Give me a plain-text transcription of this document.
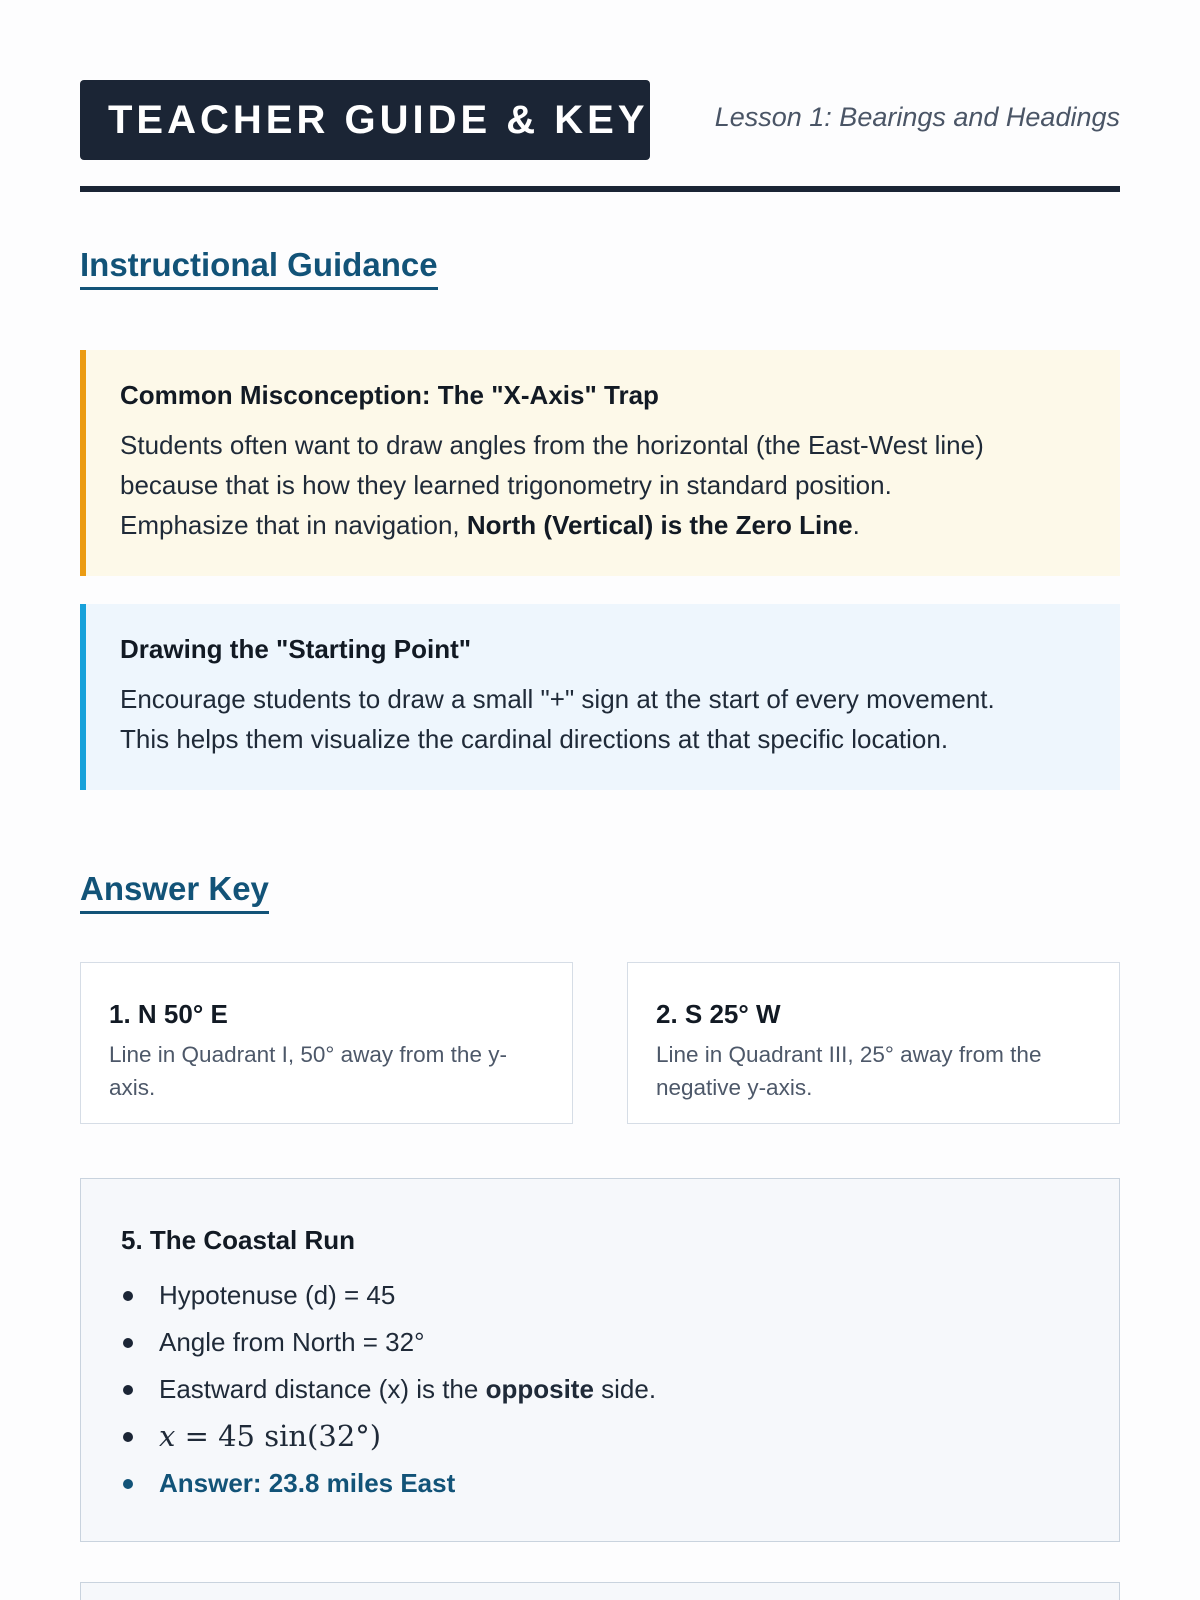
TEACHER GUIDE & KEY Lesson 1: Bearings and Headings
Instructional Guidance
Common Misconception: The "X-Axis" Trap
Students often want to draw angles from the horizontal (the East-West line)
because that is how they learned trigonometry in standard position.
Emphasize that in navigation, North (Vertical) is the Zero Line.
Drawing the "Starting Point"
Encourage students to draw a small "+" sign at the start of every movement.
This helps them visualize the cardinal directions at that specific location.
Answer Key
1. N 50° E
Line in Quadrant I, 50° away from the y-axis.
2. S 25° W
Line in Quadrant III, 25° away from the negative y-axis.
5. The Coastal Run
Hypotenuse (d) = 45
Angle from North = 32°
Eastward distance (x) is the opposite side.
x = 45 sin(32°)
Answer: 23.8 miles East
